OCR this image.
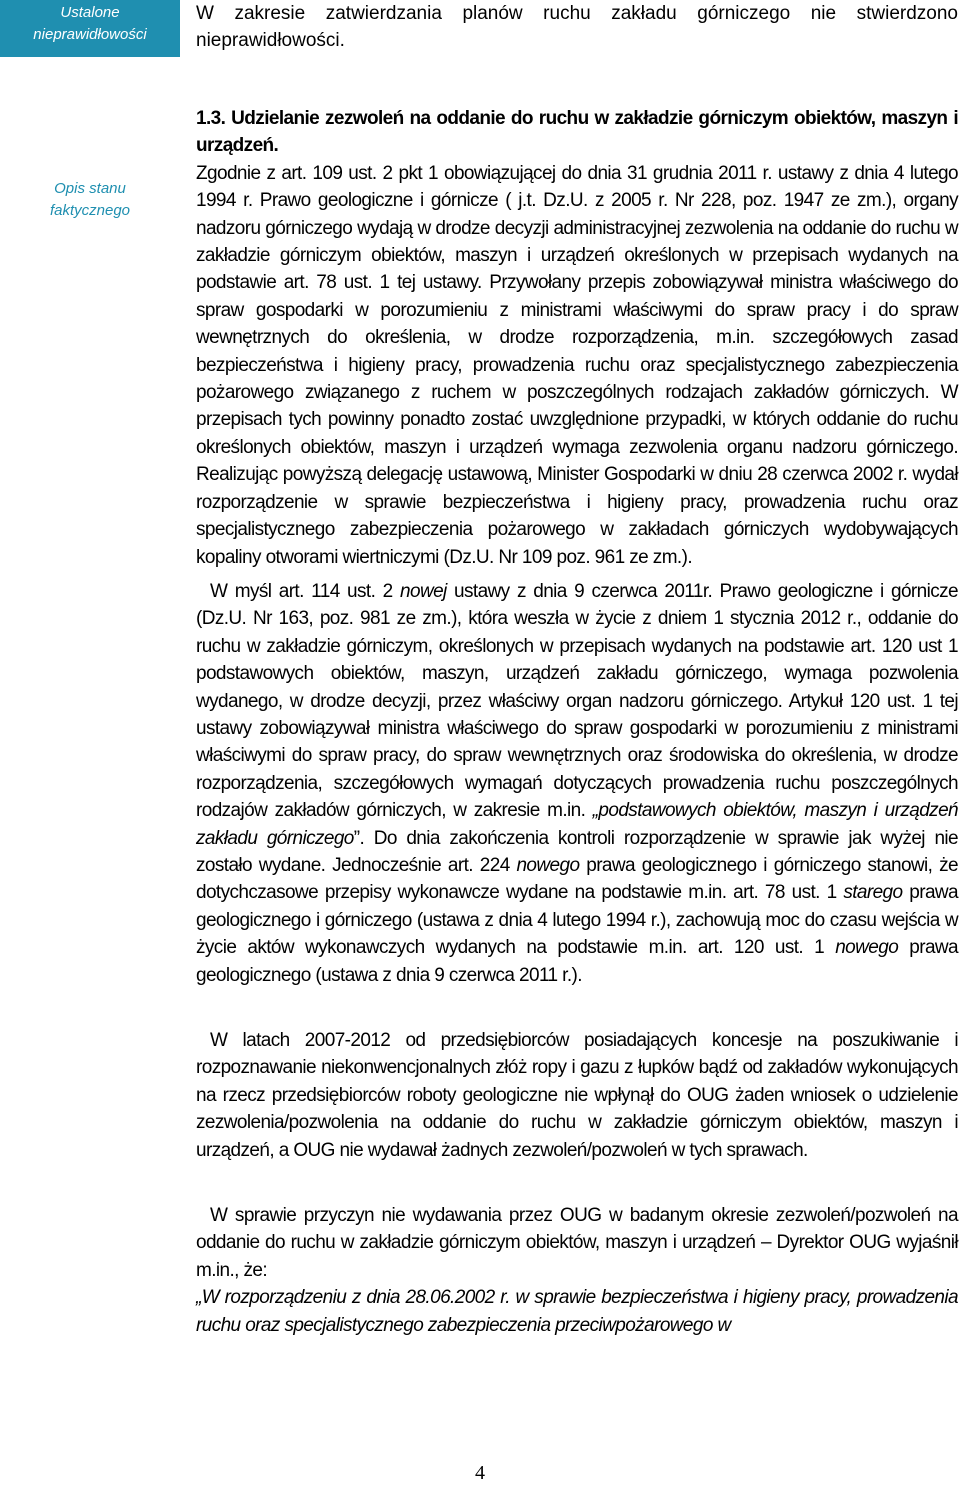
Ustalone
nieprawidłowości
Opis stanu
faktycznego

W zakresie zatwierdzania planów ruchu zakładu górniczego nie stwierdzono nieprawidłowości.

1.3. Udzielanie zezwoleń na oddanie do ruchu w zakładzie górniczym obiektów, maszyn i urządzeń.

Zgodnie z art. 109 ust. 2 pkt 1 obowiązującej do dnia 31 grudnia 2011 r. ustawy z dnia 4 lutego 1994 r. Prawo geologiczne i górnicze ( j.t. Dz.U. z 2005 r. Nr 228, poz. 1947 ze zm.), organy nadzoru górniczego wydają w drodze decyzji administracyjnej zezwolenia na oddanie do ruchu w zakładzie górniczym obiektów, maszyn i urządzeń określonych w przepisach wydanych na podstawie art. 78 ust. 1 tej ustawy. Przywołany przepis zobowiązywał ministra właściwego do spraw gospodarki w porozumieniu z ministrami właściwymi do spraw pracy i do spraw wewnętrznych do określenia, w drodze rozporządzenia, m.in. szczegółowych zasad bezpieczeństwa i higieny pracy, prowadzenia ruchu oraz specjalistycznego zabezpieczenia pożarowego związanego z ruchem w poszczególnych rodzajach zakładów górniczych. W przepisach tych powinny ponadto zostać uwzględnione przypadki, w których oddanie do ruchu określonych obiektów, maszyn i urządzeń wymaga zezwolenia organu nadzoru górniczego. Realizując powyższą delegację ustawową, Minister Gospodarki w dniu 28 czerwca 2002 r. wydał rozporządzenie w sprawie bezpieczeństwa i higieny pracy, prowadzenia ruchu oraz specjalistycznego zabezpieczenia pożarowego w zakładach górniczych wydobywających kopaliny otworami wiertniczymi (Dz.U. Nr 109 poz. 961 ze zm.).

W myśl art. 114 ust. 2 nowej ustawy z dnia 9 czerwca 2011r. Prawo geologiczne i górnicze (Dz.U. Nr 163, poz. 981 ze zm.), która weszła w życie z dniem 1 stycznia 2012 r., oddanie do ruchu w zakładzie górniczym, określonych w przepisach wydanych na podstawie art. 120 ust 1 podstawowych obiektów, maszyn, urządzeń zakładu górniczego, wymaga pozwolenia wydanego, w drodze decyzji, przez właściwy organ nadzoru górniczego. Artykuł 120 ust. 1 tej ustawy zobowiązywał ministra właściwego do spraw gospodarki w porozumieniu z ministrami właściwymi do spraw pracy, do spraw wewnętrznych oraz środowiska do określenia, w drodze rozporządzenia, szczegółowych wymagań dotyczących prowadzenia ruchu poszczególnych rodzajów zakładów górniczych, w zakresie m.in. „podstawowych obiektów, maszyn i urządzeń zakładu górniczego”. Do dnia zakończenia kontroli rozporządzenie w sprawie jak wyżej nie zostało wydane. Jednocześnie art. 224 nowego prawa geologicznego i górniczego stanowi, że dotychczasowe przepisy wykonawcze wydane na podstawie m.in. art. 78 ust. 1 starego prawa geologicznego i górniczego (ustawa z dnia 4 lutego 1994 r.), zachowują moc do czasu wejścia w życie aktów wykonawczych wydanych na podstawie m.in. art. 120 ust. 1 nowego prawa geologicznego (ustawa z dnia 9 czerwca 2011 r.).

W latach 2007-2012 od przedsiębiorców posiadających koncesje na poszukiwanie i rozpoznawanie niekonwencjonalnych złóż ropy i gazu z łupków bądź od zakładów wykonujących na rzecz przedsiębiorców roboty geologiczne nie wpłynął do OUG żaden wniosek o udzielenie zezwolenia/pozwolenia na oddanie do ruchu w zakładzie górniczym obiektów, maszyn i urządzeń, a OUG nie wydawał żadnych zezwoleń/pozwoleń w tych sprawach.

W sprawie przyczyn nie wydawania przez OUG w badanym okresie zezwoleń/pozwoleń na oddanie do ruchu w zakładzie górniczym obiektów, maszyn i urządzeń – Dyrektor OUG wyjaśnił m.in., że:

„W rozporządzeniu z dnia 28.06.2002 r. w sprawie bezpieczeństwa i higieny pracy, prowadzenia ruchu oraz specjalistycznego zabezpieczenia przeciwpożarowego w

4
